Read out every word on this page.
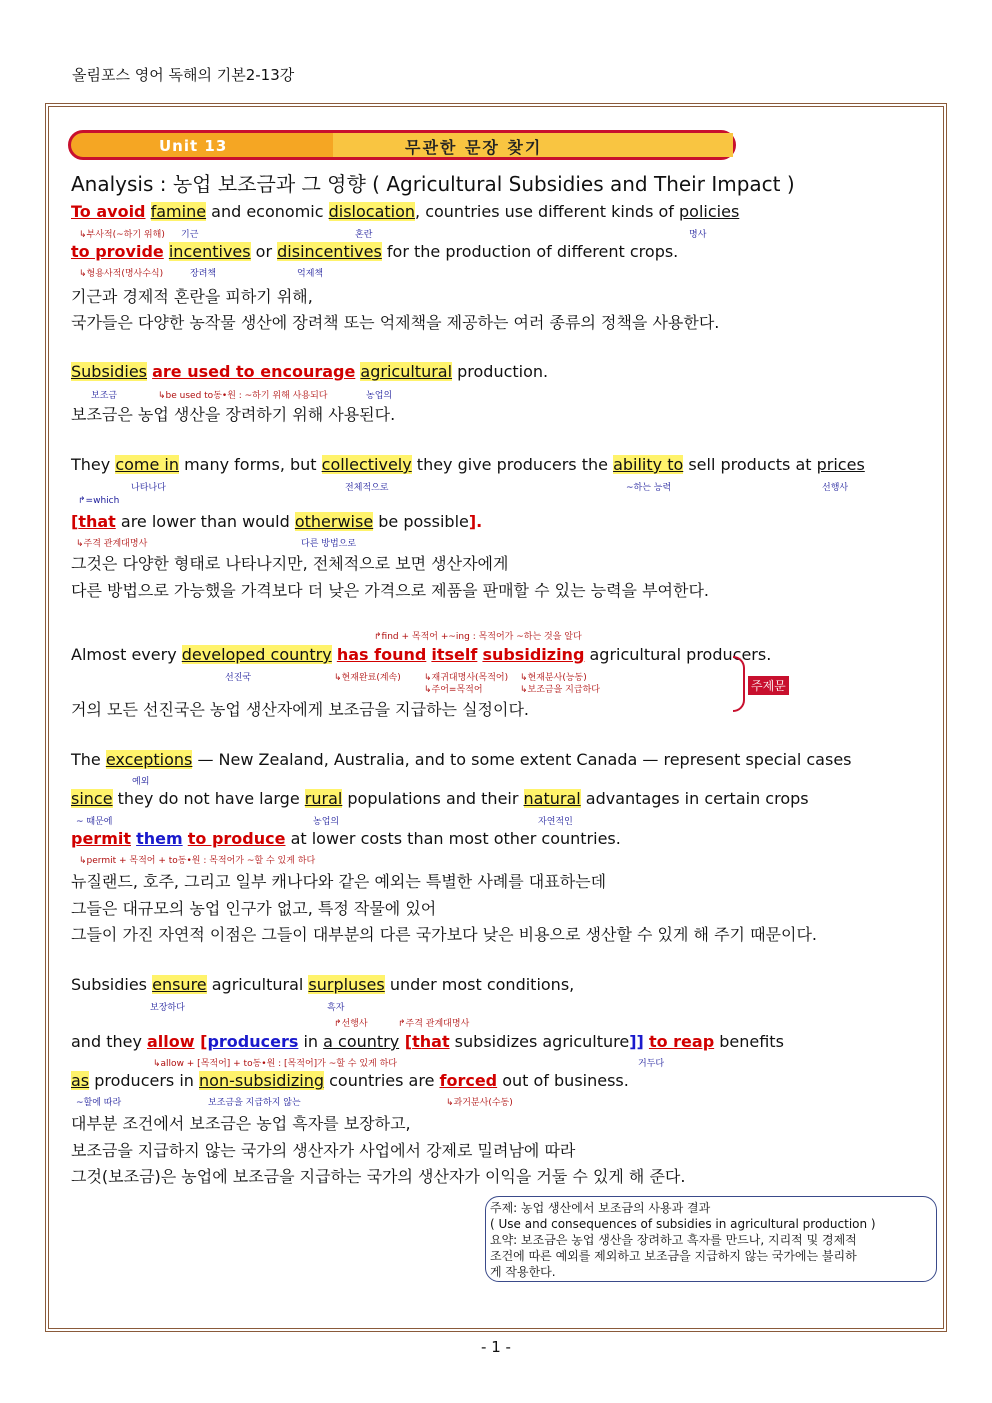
올림포스 영어 독해의 기본2-13강
Unit 13	무관한 문장 찾기
Analysis : 농업 보조금과 그 영향 ( Agricultural Subsidies and Their Impact )
To avoid famine and economic dislocation, countries use different kinds of policies
↳부사적(~하기 위해) 기근	혼란	명사
to provide incentives or disincentives for the production of different crops.
↳형용사적(명사수식)	장려책	억제책
기근과 경제적 혼란을 피하기 위해,
국가들은 다양한 농작물 생산에 장려책 또는 억제책을 제공하는 여러 종류의 정책을 사용한다.
Subsidies are used to encourage agricultural production.
보조금	↳be used to동•원 : ~하기 위해 사용되다	농업의
보조금은 농업 생산을 장려하기 위해 사용된다.
They come in many forms, but collectively they give producers the ability to sell products at prices
나타나다	전체적으로	~하는 능력	선행사
↱=which
[that are lower than would otherwise be possible].
↳주격 관계대명사	다른 방법으로
그것은 다양한 형태로 나타나지만, 전체적으로 보면 생산자에게
다른 방법으로 가능했을 가격보다 더 낮은 가격으로 제품을 판매할 수 있는 능력을 부여한다.
↱find + 목적어 +~ing : 목적어가 ~하는 것을 알다
Almost every developed country has found itself subsidizing agricultural producers.
선진국	↳현재완료(계속)	↳재귀대명사(목적어) ↳현재분사(능동)
↳주어=목적어	↳보조금을 지급하다
거의 모든 선진국은 농업 생산자에게 보조금을 지급하는 실정이다.
주제문
The exceptions — New Zealand, Australia, and to some extent Canada — represent special cases
예외
since they do not have large rural populations and their natural advantages in certain crops
~ 때문에	농업의	자연적인
permit them to produce at lower costs than most other countries.
↳permit + 목적어 + to동•원 : 목적어가 ~할 수 있게 하다
뉴질랜드, 호주, 그리고 일부 캐나다와 같은 예외는 특별한 사례를 대표하는데
그들은 대규모의 농업 인구가 없고, 특정 작물에 있어
그들이 가진 자연적 이점은 그들이 대부분의 다른 국가보다 낮은 비용으로 생산할 수 있게 해 주기 때문이다.
Subsidies ensure agricultural surpluses under most conditions,
보장하다	흑자
↱선행사	↱주격 관계대명사
and they allow [producers in a country [that subsidizes agriculture]] to reap benefits
↳allow + [목적어] + to동•원 : [목적어]가 ~할 수 있게 하다	거두다
as producers in non-subsidizing countries are forced out of business.
~할에 따라	보조금을 지급하지 않는	↳과거분사(수동)
대부분 조건에서 보조금은 농업 흑자를 보장하고,
보조금을 지급하지 않는 국가의 생산자가 사업에서 강제로 밀려남에 따라
그것(보조금)은 농업에 보조금을 지급하는 국가의 생산자가 이익을 거둘 수 있게 해 준다.
주제: 농업 생산에서 보조금의 사용과 결과
( Use and consequences of subsidies in agricultural production )
요약: 보조금은 농업 생산을 장려하고 흑자를 만드나, 지리적 및 경제적
조건에 따른 예외를 제외하고 보조금을 지급하지 않는 국가에는 불리하
게 작용한다.
- 1 -
